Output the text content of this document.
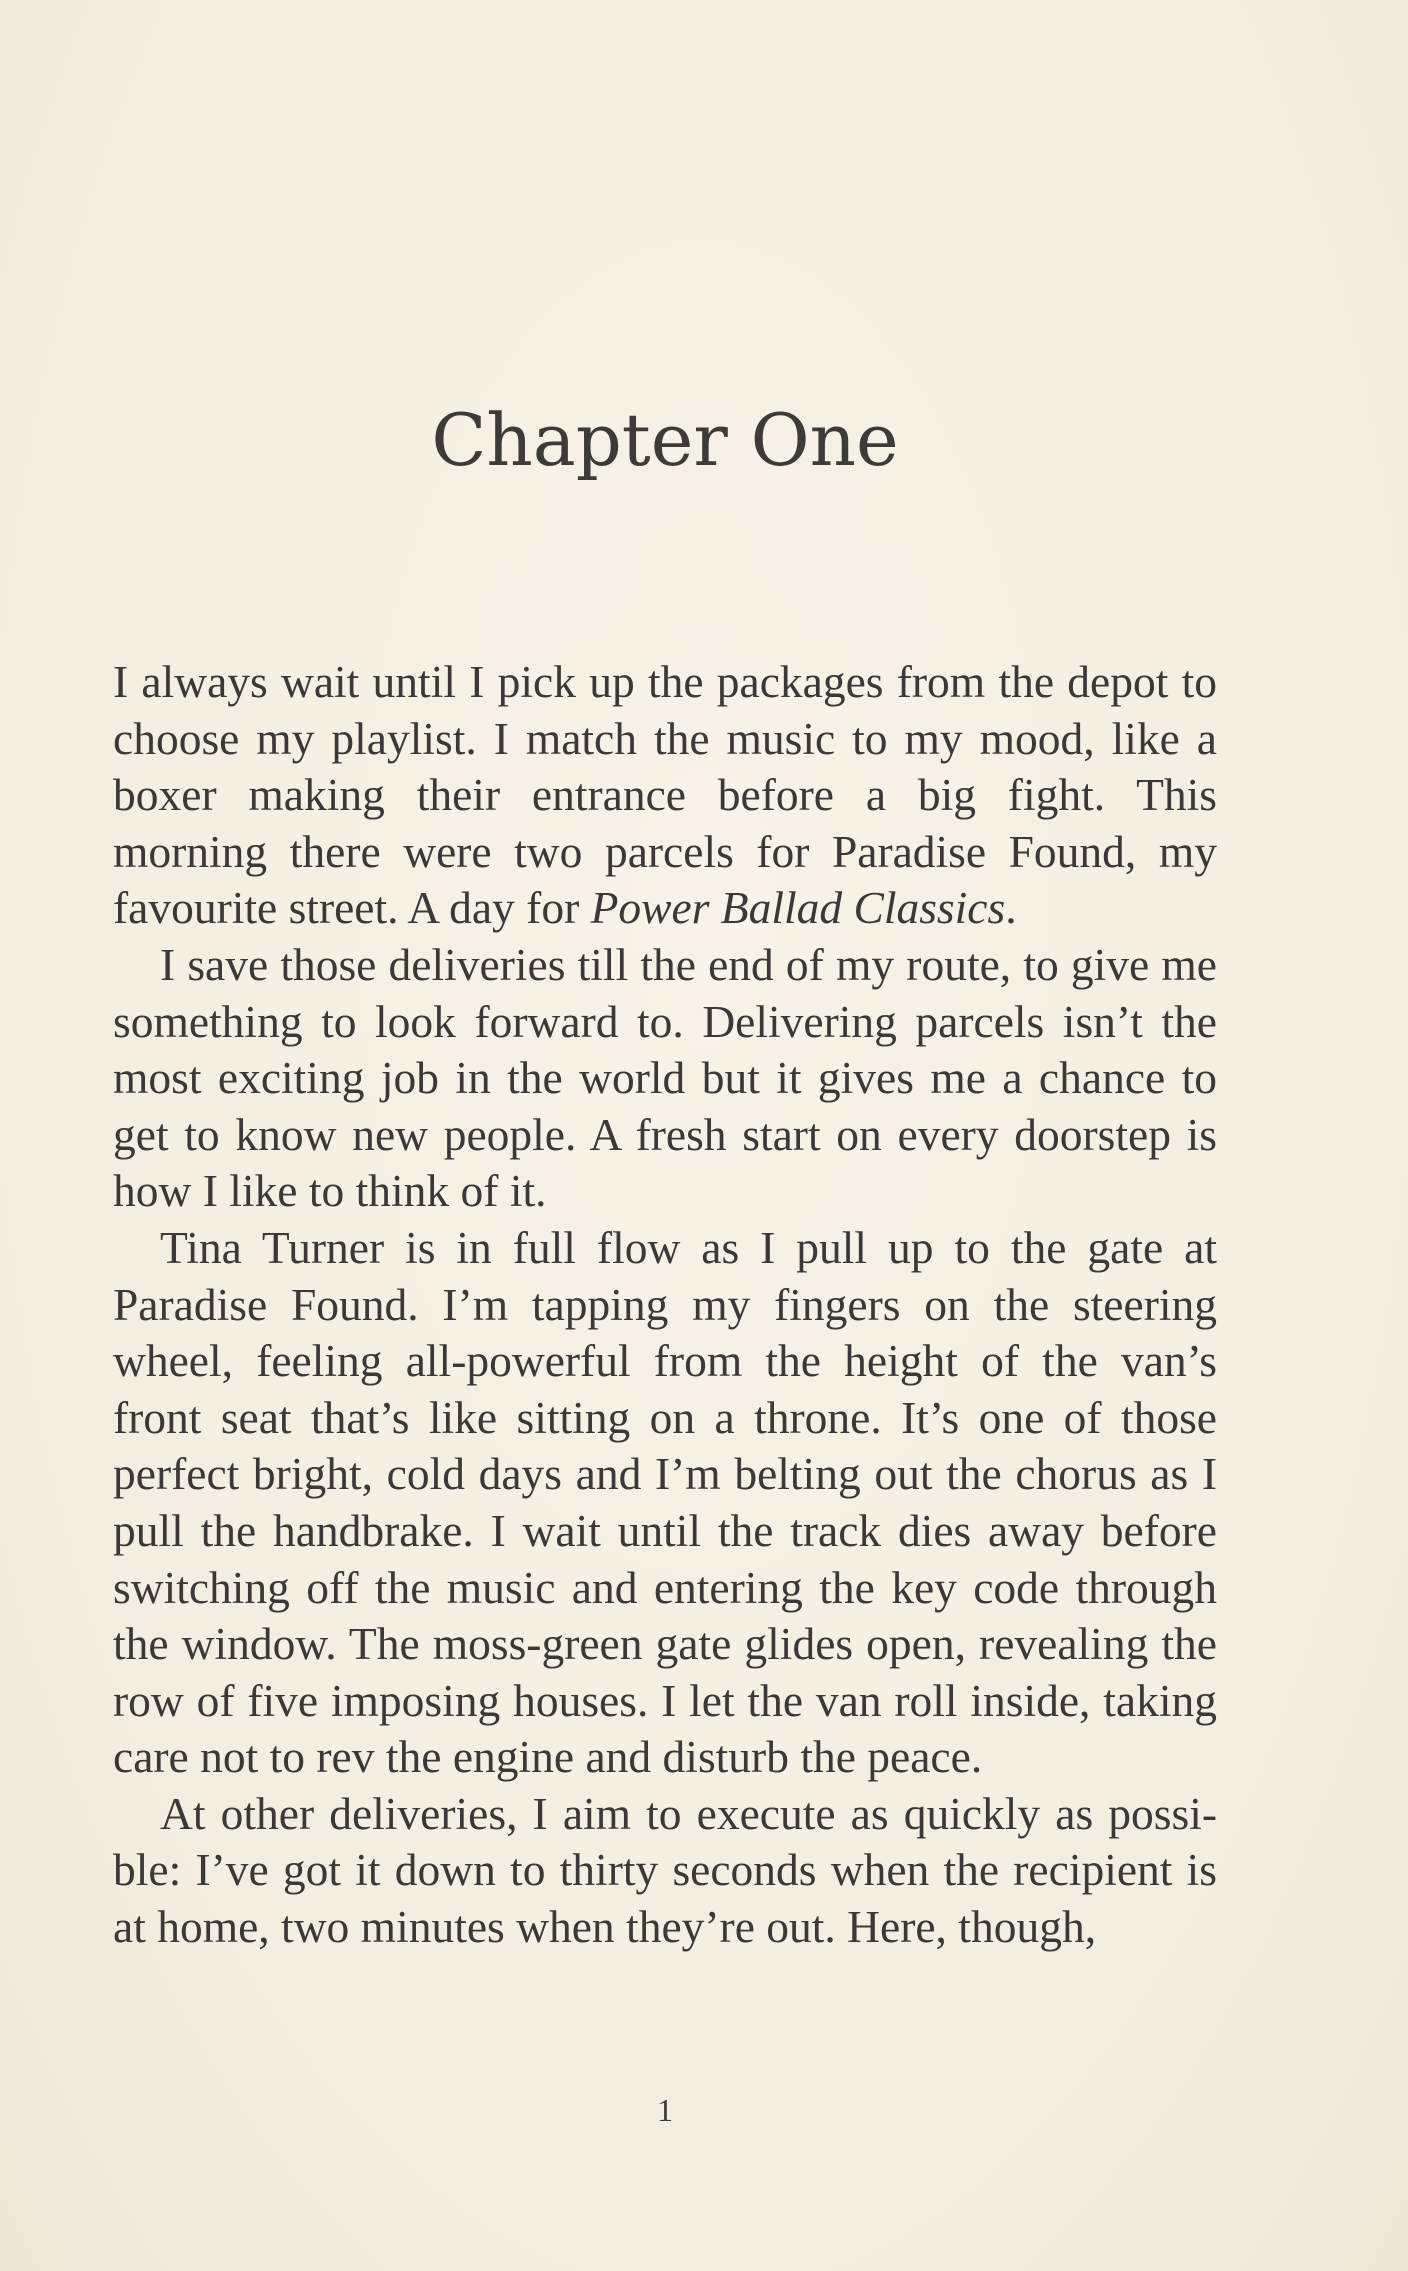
Chapter One

I always wait until I pick up the packages from the depot to choose my playlist. I match the music to my mood, like a boxer making their entrance before a big fight. This morning there were two parcels for Paradise Found, my favourite street. A day for Power Ballad Classics.

I save those deliveries till the end of my route, to give me something to look forward to. Delivering parcels isn’t the most exciting job in the world but it gives me a chance to get to know new people. A fresh start on every doorstep is how I like to think of it.

Tina Turner is in full flow as I pull up to the gate at Paradise Found. I’m tapping my fingers on the steering wheel, feeling all-powerful from the height of the van’s front seat that’s like sitting on a throne. It’s one of those perfect bright, cold days and I’m belting out the chorus as I pull the handbrake. I wait until the track dies away before switching off the music and entering the key code through the window. The moss-green gate glides open, revealing the row of five imposing houses. I let the van roll inside, taking care not to rev the engine and disturb the peace.

At other deliveries, I aim to execute as quickly as possible: I’ve got it down to thirty seconds when the recipient is at home, two minutes when they’re out. Here, though,

1
